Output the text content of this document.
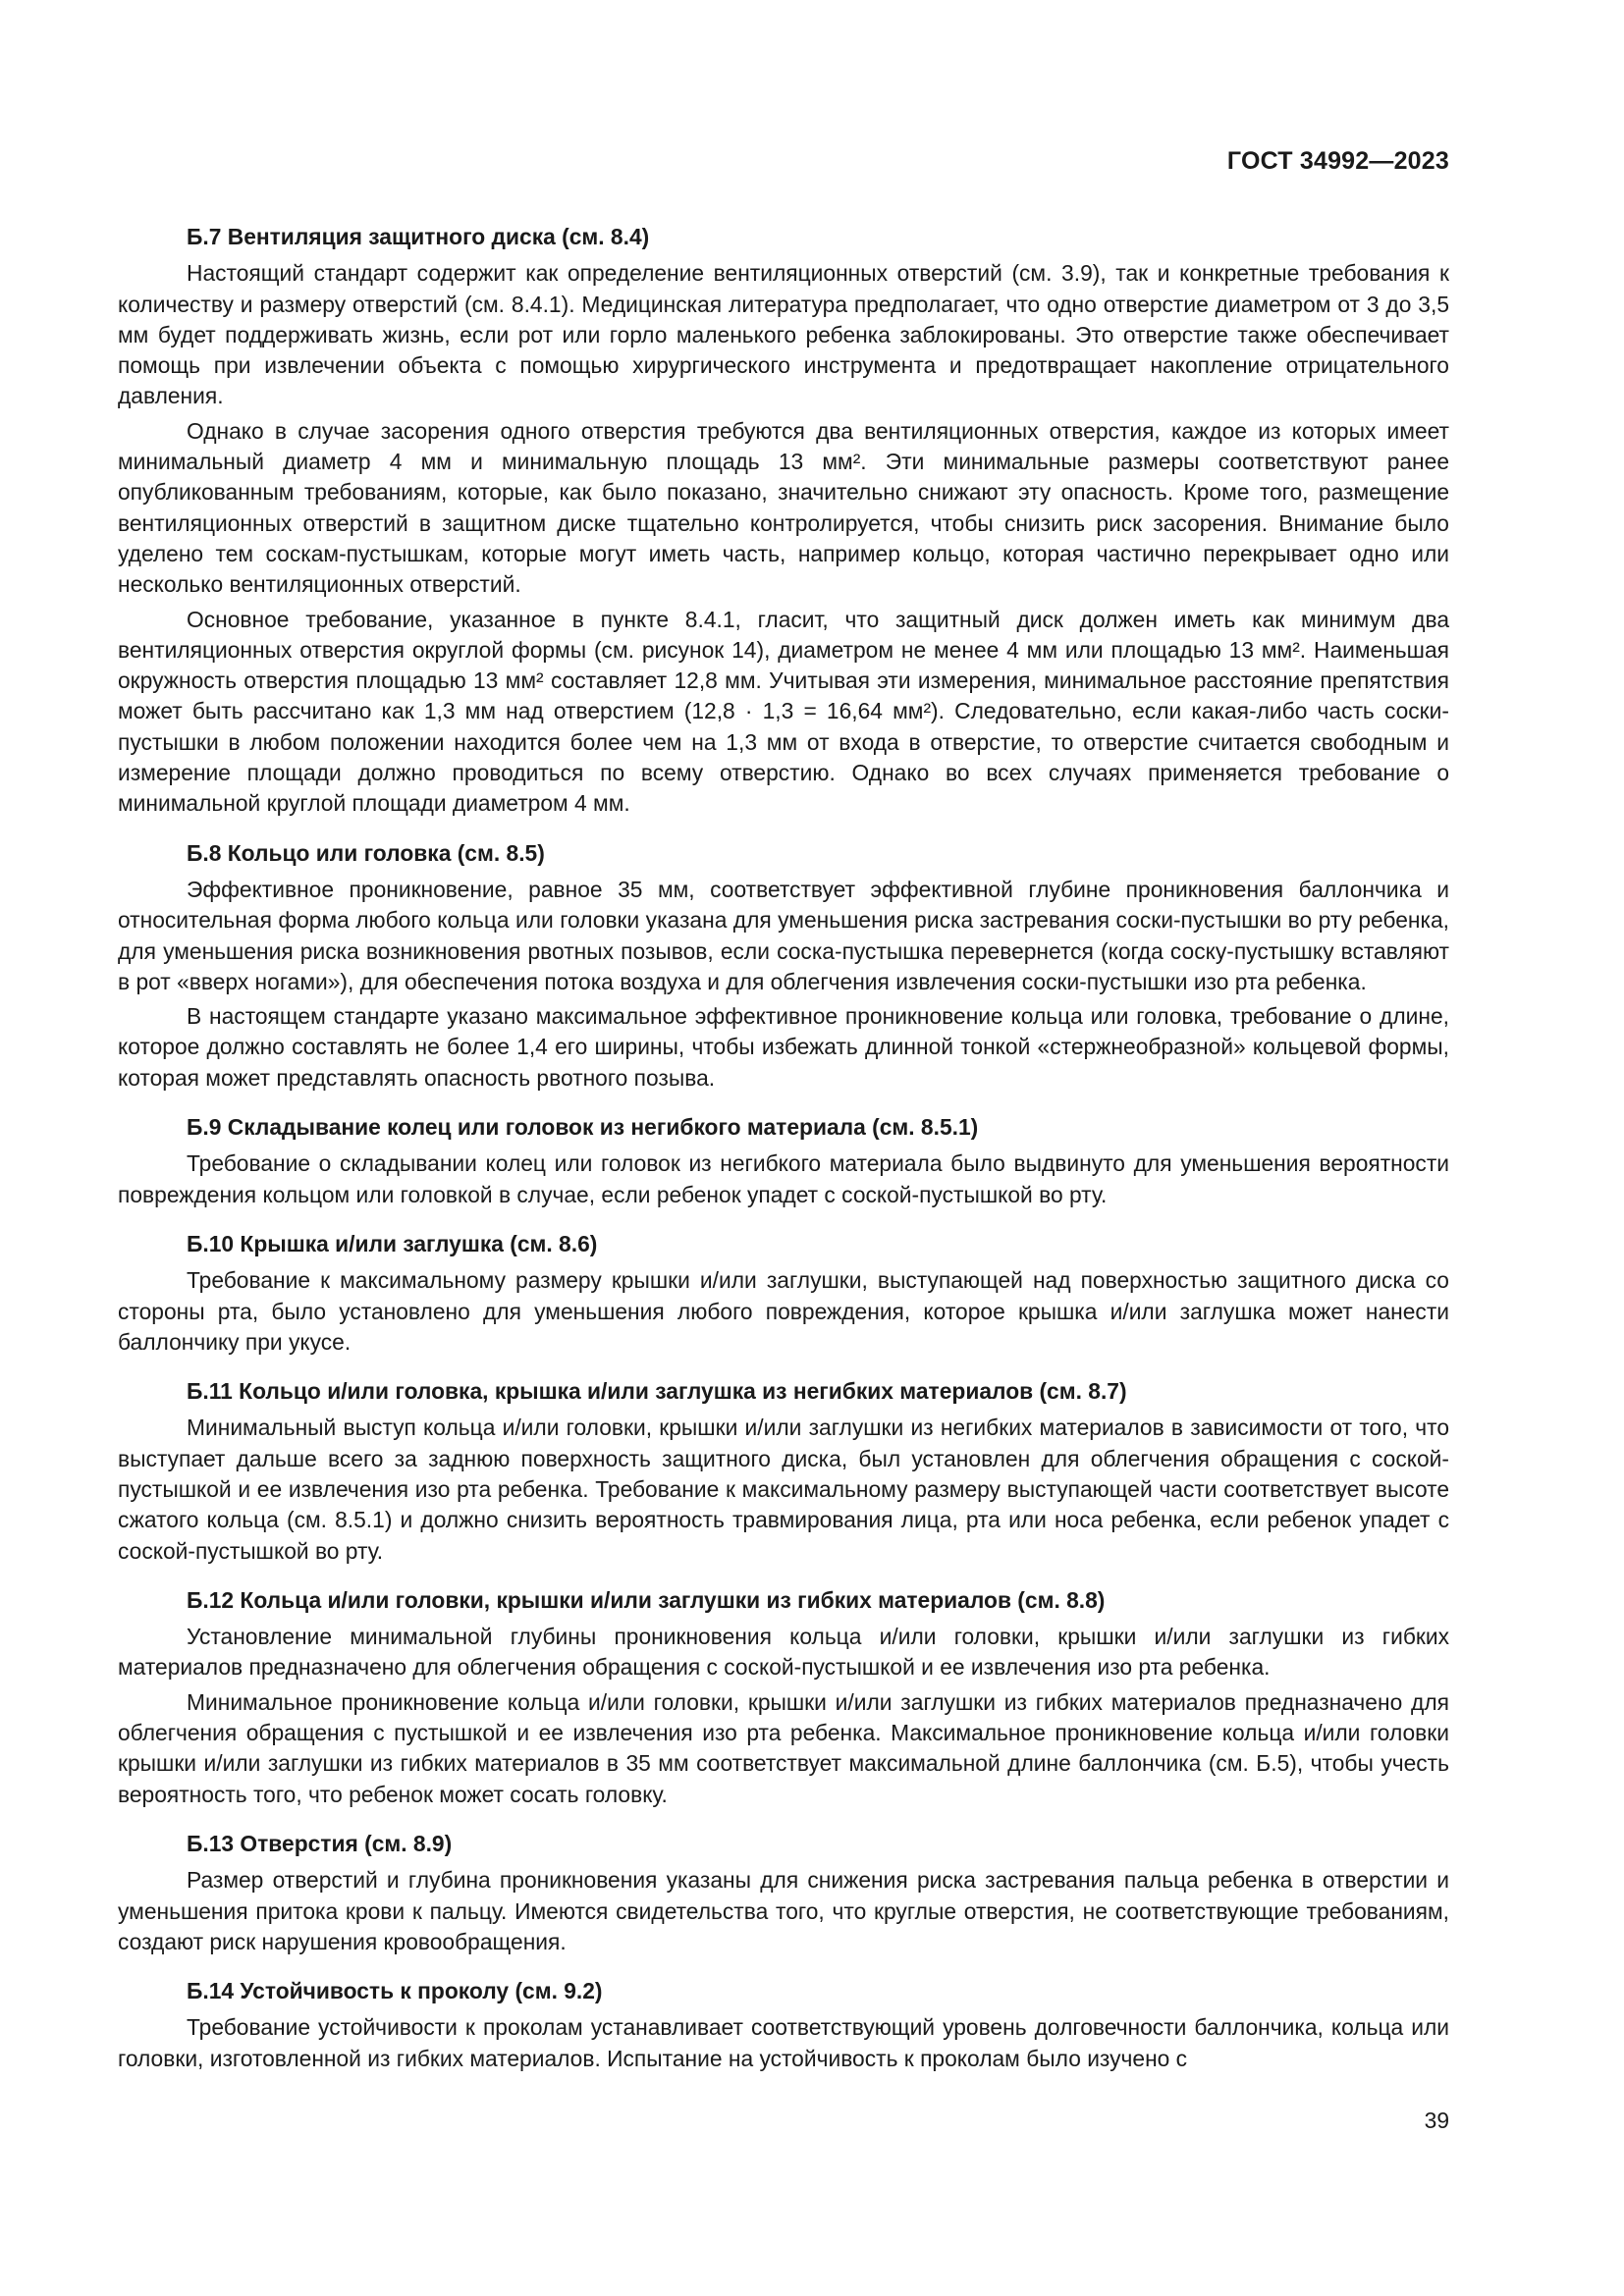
ГОСТ 34992—2023
Б.7 Вентиляция защитного диска (см. 8.4)

Настоящий стандарт содержит как определение вентиляционных отверстий (см. 3.9), так и конкретные требования к количеству и размеру отверстий (см. 8.4.1). Медицинская литература предполагает, что одно отверстие диаметром от 3 до 3,5 мм будет поддерживать жизнь, если рот или горло маленького ребенка заблокированы. Это отверстие также обеспечивает помощь при извлечении объекта с помощью хирургического инструмента и предотвращает накопление отрицательного давления.

Однако в случае засорения одного отверстия требуются два вентиляционных отверстия, каждое из которых имеет минимальный диаметр 4 мм и минимальную площадь 13 мм². Эти минимальные размеры соответствуют ранее опубликованным требованиям, которые, как было показано, значительно снижают эту опасность. Кроме того, размещение вентиляционных отверстий в защитном диске тщательно контролируется, чтобы снизить риск засорения. Внимание было уделено тем соскам-пустышкам, которые могут иметь часть, например кольцо, которая частично перекрывает одно или несколько вентиляционных отверстий.

Основное требование, указанное в пункте 8.4.1, гласит, что защитный диск должен иметь как минимум два вентиляционных отверстия округлой формы (см. рисунок 14), диаметром не менее 4 мм или площадью 13 мм². Наименьшая окружность отверстия площадью 13 мм² составляет 12,8 мм. Учитывая эти измерения, минимальное расстояние препятствия может быть рассчитано как 1,3 мм над отверстием (12,8 · 1,3 = 16,64 мм²). Следовательно, если какая-либо часть соски-пустышки в любом положении находится более чем на 1,3 мм от входа в отверстие, то отверстие считается свободным и измерение площади должно проводиться по всему отверстию. Однако во всех случаях применяется требование о минимальной круглой площади диаметром 4 мм.

Б.8 Кольцо или головка (см. 8.5)

Эффективное проникновение, равное 35 мм, соответствует эффективной глубине проникновения баллончика и относительная форма любого кольца или головки указана для уменьшения риска застревания соски-пустышки во рту ребенка, для уменьшения риска возникновения рвотных позывов, если соска-пустышка перевернется (когда соску-пустышку вставляют в рот «вверх ногами»), для обеспечения потока воздуха и для облегчения извлечения соски-пустышки изо рта ребенка.

В настоящем стандарте указано максимальное эффективное проникновение кольца или головка, требование о длине, которое должно составлять не более 1,4 его ширины, чтобы избежать длинной тонкой «стержнеобразной» кольцевой формы, которая может представлять опасность рвотного позыва.

Б.9 Складывание колец или головок из негибкого материала (см. 8.5.1)

Требование о складывании колец или головок из негибкого материала было выдвинуто для уменьшения вероятности повреждения кольцом или головкой в случае, если ребенок упадет с соской-пустышкой во рту.

Б.10 Крышка и/или заглушка (см. 8.6)

Требование к максимальному размеру крышки и/или заглушки, выступающей над поверхностью защитного диска со стороны рта, было установлено для уменьшения любого повреждения, которое крышка и/или заглушка может нанести баллончику при укусе.

Б.11 Кольцо и/или головка, крышка и/или заглушка из негибких материалов (см. 8.7)

Минимальный выступ кольца и/или головки, крышки и/или заглушки из негибких материалов в зависимости от того, что выступает дальше всего за заднюю поверхность защитного диска, был установлен для облегчения обращения с соской-пустышкой и ее извлечения изо рта ребенка. Требование к максимальному размеру выступающей части соответствует высоте сжатого кольца (см. 8.5.1) и должно снизить вероятность травмирования лица, рта или носа ребенка, если ребенок упадет с соской-пустышкой во рту.

Б.12 Кольца и/или головки, крышки и/или заглушки из гибких материалов (см. 8.8)

Установление минимальной глубины проникновения кольца и/или головки, крышки и/или заглушки из гибких материалов предназначено для облегчения обращения с соской-пустышкой и ее извлечения изо рта ребенка.

Минимальное проникновение кольца и/или головки, крышки и/или заглушки из гибких материалов предназначено для облегчения обращения с пустышкой и ее извлечения изо рта ребенка. Максимальное проникновение кольца и/или головки крышки и/или заглушки из гибких материалов в 35 мм соответствует максимальной длине баллончика (см. Б.5), чтобы учесть вероятность того, что ребенок может сосать головку.

Б.13 Отверстия (см. 8.9)

Размер отверстий и глубина проникновения указаны для снижения риска застревания пальца ребенка в отверстии и уменьшения притока крови к пальцу. Имеются свидетельства того, что круглые отверстия, не соответствующие требованиям, создают риск нарушения кровообращения.

Б.14 Устойчивость к проколу (см. 9.2)

Требование устойчивости к проколам устанавливает соответствующий уровень долговечности баллончика, кольца или головки, изготовленной из гибких материалов. Испытание на устойчивость к проколам было изучено с

39
